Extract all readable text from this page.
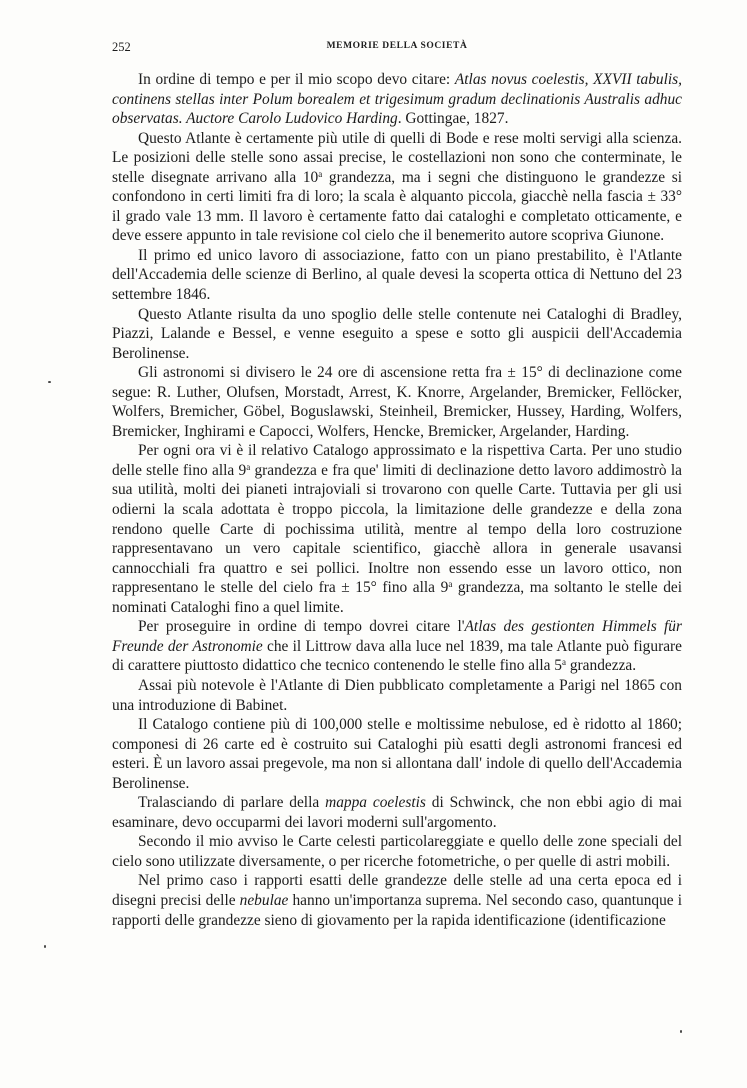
252	MEMORIE DELLA SOCIETÀ

In ordine di tempo e per il mio scopo devo citare: Atlas novus coelestis, XXVII tabulis, continens stellas inter Polum borealem et trigesimum gradum declinationis Australis adhuc observatas. Auctore Carolo Ludovico Harding. Gottingae, 1827.

Questo Atlante è certamente più utile di quelli di Bode e rese molti servigi alla scienza. Le posizioni delle stelle sono assai precise, le costellazioni non sono che conterminate, le stelle disegnate arrivano alla 10$^a$ grandezza, ma i segni che distinguono le grandezze si confondono in certi limiti fra di loro; la scala è alquanto piccola, giacchè nella fascia ± 33° il grado vale 13 mm. Il lavoro è certamente fatto dai cataloghi e completato otticamente, e deve essere appunto in tale revisione col cielo che il benemerito autore scopriva Giunone.

Il primo ed unico lavoro di associazione, fatto con un piano prestabilito, è l'Atlante dell'Accademia delle scienze di Berlino, al quale devesi la scoperta ottica di Nettuno del 23 settembre 1846.

Questo Atlante risulta da uno spoglio delle stelle contenute nei Cataloghi di Bradley, Piazzi, Lalande e Bessel, e venne eseguito a spese e sotto gli auspicii dell'Accademia Berolinense.

Gli astronomi si divisero le 24 ore di ascensione retta fra ± 15° di declinazione come segue: R. Luther, Olufsen, Morstadt, Arrest, K. Knorre, Argelander, Bremicker, Fellöcker, Wolfers, Bremicher, Göbel, Boguslawski, Steinheil, Bremicker, Hussey, Harding, Wolfers, Bremicker, Inghirami e Capocci, Wolfers, Hencke, Bremicker, Argelander, Harding.

Per ogni ora vi è il relativo Catalogo approssimato e la rispettiva Carta. Per uno studio delle stelle fino alla 9$^a$ grandezza e fra que' limiti di declinazione detto lavoro addimostrò la sua utilità, molti dei pianeti intrajoviali si trovarono con quelle Carte. Tuttavia per gli usi odierni la scala adottata è troppo piccola, la limitazione delle grandezze e della zona rendono quelle Carte di pochissima utilità, mentre al tempo della loro costruzione rappresentavano un vero capitale scientifico, giacchè allora in generale usavansi cannocchiali fra quattro e sei pollici. Inoltre non essendo esse un lavoro ottico, non rappresentano le stelle del cielo fra ± 15° fino alla 9$^a$ grandezza, ma soltanto le stelle dei nominati Cataloghi fino a quel limite.

Per proseguire in ordine di tempo dovrei citare l'Atlas des gestionten Himmels für Freunde der Astronomie che il Littrow dava alla luce nel 1839, ma tale Atlante può figurare di carattere piuttosto didattico che tecnico contenendo le stelle fino alla 5$^a$ grandezza.

Assai più notevole è l'Atlante di Dien pubblicato completamente a Parigi nel 1865 con una introduzione di Babinet.

Il Catalogo contiene più di 100,000 stelle e moltissime nebulose, ed è ridotto al 1860; componesi di 26 carte ed è costruito sui Cataloghi più esatti degli astronomi francesi ed esteri. È un lavoro assai pregevole, ma non si allontana dall' indole di quello dell'Accademia Berolinense.

Tralasciando di parlare della mappa coelestis di Schwinck, che non ebbi agio di mai esaminare, devo occuparmi dei lavori moderni sull'argomento.

Secondo il mio avviso le Carte celesti particolareggiate e quello delle zone speciali del cielo sono utilizzate diversamente, o per ricerche fotometriche, o per quelle di astri mobili.

Nel primo caso i rapporti esatti delle grandezze delle stelle ad una certa epoca ed i disegni precisi delle nebulae hanno un'importanza suprema. Nel secondo caso, quantunque i rapporti delle grandezze sieno di giovamento per la rapida identificazione (identificazione
